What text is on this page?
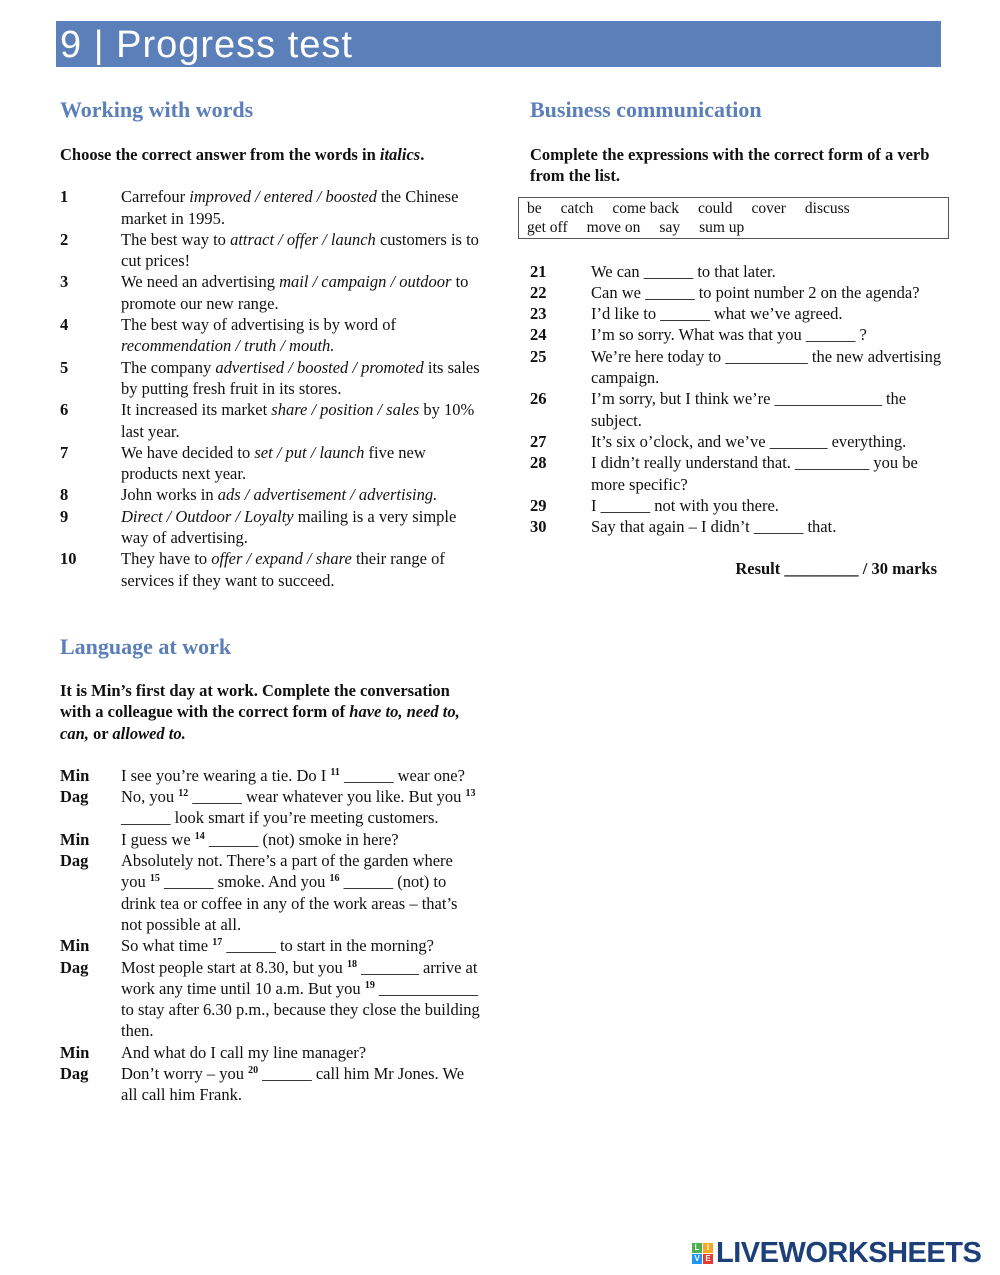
9 | Progress test
Working with words
Choose the correct answer from the words in italics.
1	Carrefour improved / entered / boosted the Chinese market in 1995.
2	The best way to attract / offer / launch customers is to cut prices!
3	We need an advertising mail / campaign / outdoor to promote our new range.
4	The best way of advertising is by word of recommendation / truth / mouth.
5	The company advertised / boosted / promoted its sales by putting fresh fruit in its stores.
6	It increased its market share / position / sales by 10% last year.
7	We have decided to set / put / launch five new products next year.
8	John works in ads / advertisement / advertising.
9	Direct / Outdoor / Loyalty mailing is a very simple way of advertising.
10	They have to offer / expand / share their range of services if they want to succeed.
Language at work
It is Min’s first day at work. Complete the conversation with a colleague with the correct form of have to, need to, can, or allowed to.
Min	I see you’re wearing a tie. Do I $^{11}$ ______ wear one?
Dag	No, you $^{12}$ ______ wear whatever you like. But you $^{13}$ ______ look smart if you’re meeting customers.
Min	I guess we $^{14}$ ______ (not) smoke in here?
Dag	Absolutely not. There’s a part of the garden where you $^{15}$ ______ smoke. And you $^{16}$ ______ (not) to drink tea or coffee in any of the work areas – that’s not possible at all.
Min	So what time $^{17}$ ______ to start in the morning?
Dag	Most people start at 8.30, but you $^{18}$ _______ arrive at work any time until 10 a.m. But you $^{19}$ ____________ to stay after 6.30 p.m., because they close the building then.
Min	And what do I call my line manager?
Dag	Don’t worry – you $^{20}$ ______ call him Mr Jones. We all call him Frank.
Business communication
Complete the expressions with the correct form of a verb from the list.
be catch come back could cover discuss
get off move on say sum up
21	We can ______ to that later.
22	Can we ______ to point number 2 on the agenda?
23	I’d like to ______ what we’ve agreed.
24	I’m so sorry. What was that you ______ ?
25	We’re here today to __________ the new advertising campaign.
26	I’m sorry, but I think we’re _____________ the subject.
27	It’s six o’clock, and we’ve _______ everything.
28	I didn’t really understand that. _________ you be more specific?
29	I ______ not with you there.
30	Say that again – I didn’t ______ that.
Result _________ / 30 marks
L I
V E LIVEWORKSHEETS
